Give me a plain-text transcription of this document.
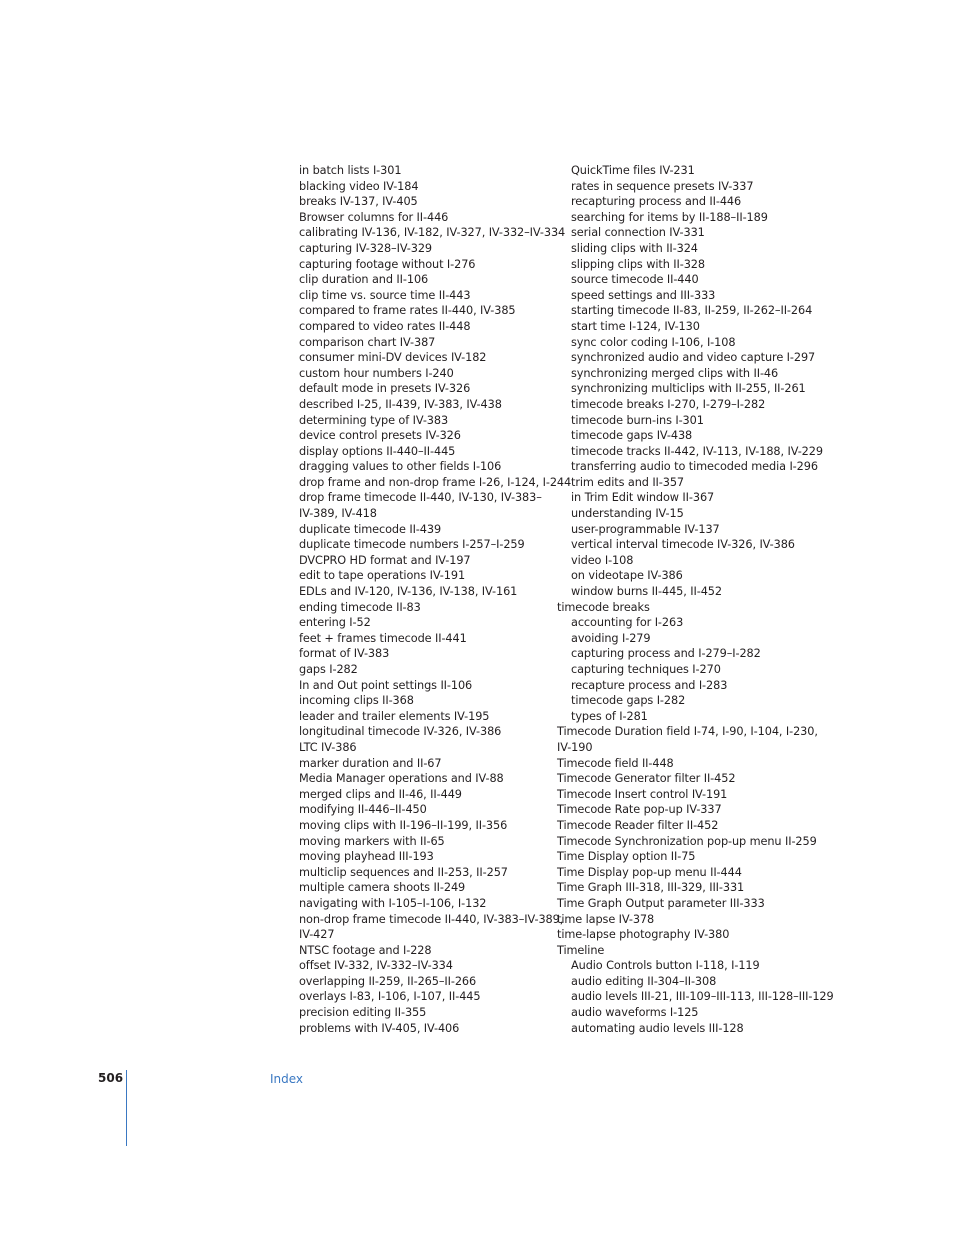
in batch lists I-301
blacking video IV-184
breaks IV-137, IV-405
Browser columns for II-446
calibrating IV-136, IV-182, IV-327, IV-332–IV-334
capturing IV-328–IV-329
capturing footage without I-276
clip duration and II-106
clip time vs. source time II-443
compared to frame rates II-440, IV-385
compared to video rates II-448
comparison chart IV-387
consumer mini-DV devices IV-182
custom hour numbers I-240
default mode in presets IV-326
described I-25, II-439, IV-383, IV-438
determining type of IV-383
device control presets IV-326
display options II-440–II-445
dragging values to other fields I-106
drop frame and non-drop frame I-26, I-124, I-244
drop frame timecode II-440, IV-130, IV-383–
IV-389, IV-418
duplicate timecode II-439
duplicate timecode numbers I-257–I-259
DVCPRO HD format and IV-197
edit to tape operations IV-191
EDLs and IV-120, IV-136, IV-138, IV-161
ending timecode II-83
entering I-52
feet + frames timecode II-441
format of IV-383
gaps I-282
In and Out point settings II-106
incoming clips II-368
leader and trailer elements IV-195
longitudinal timecode IV-326, IV-386
LTC IV-386
marker duration and II-67
Media Manager operations and IV-88
merged clips and II-46, II-449
modifying II-446–II-450
moving clips with II-196–II-199, II-356
moving markers with II-65
moving playhead III-193
multiclip sequences and II-253, II-257
multiple camera shoots II-249
navigating with I-105–I-106, I-132
non-drop frame timecode II-440, IV-383–IV-389,
IV-427
NTSC footage and I-228
offset IV-332, IV-332–IV-334
overlapping II-259, II-265–II-266
overlays I-83, I-106, I-107, II-445
precision editing II-355
problems with IV-405, IV-406
QuickTime files IV-231
rates in sequence presets IV-337
recapturing process and II-446
searching for items by II-188–II-189
serial connection IV-331
sliding clips with II-324
slipping clips with II-328
source timecode II-440
speed settings and III-333
starting timecode II-83, II-259, II-262–II-264
start time I-124, IV-130
sync color coding I-106, I-108
synchronized audio and video capture I-297
synchronizing merged clips with II-46
synchronizing multiclips with II-255, II-261
timecode breaks I-270, I-279–I-282
timecode burn-ins I-301
timecode gaps IV-438
timecode tracks II-442, IV-113, IV-188, IV-229
transferring audio to timecoded media I-296
trim edits and II-357
in Trim Edit window II-367
understanding IV-15
user-programmable IV-137
vertical interval timecode IV-326, IV-386
video I-108
on videotape IV-386
window burns II-445, II-452
timecode breaks
accounting for I-263
avoiding I-279
capturing process and I-279–I-282
capturing techniques I-270
recapture process and I-283
timecode gaps I-282
types of I-281
Timecode Duration field I-74, I-90, I-104, I-230,
IV-190
Timecode field II-448
Timecode Generator filter II-452
Timecode Insert control IV-191
Timecode Rate pop-up IV-337
Timecode Reader filter II-452
Timecode Synchronization pop-up menu II-259
Time Display option II-75
Time Display pop-up menu II-444
Time Graph III-318, III-329, III-331
Time Graph Output parameter III-333
time lapse IV-378
time-lapse photography IV-380
Timeline
Audio Controls button I-118, I-119
audio editing II-304–II-308
audio levels III-21, III-109–III-113, III-128–III-129
audio waveforms I-125
automating audio levels III-128
506	Index
